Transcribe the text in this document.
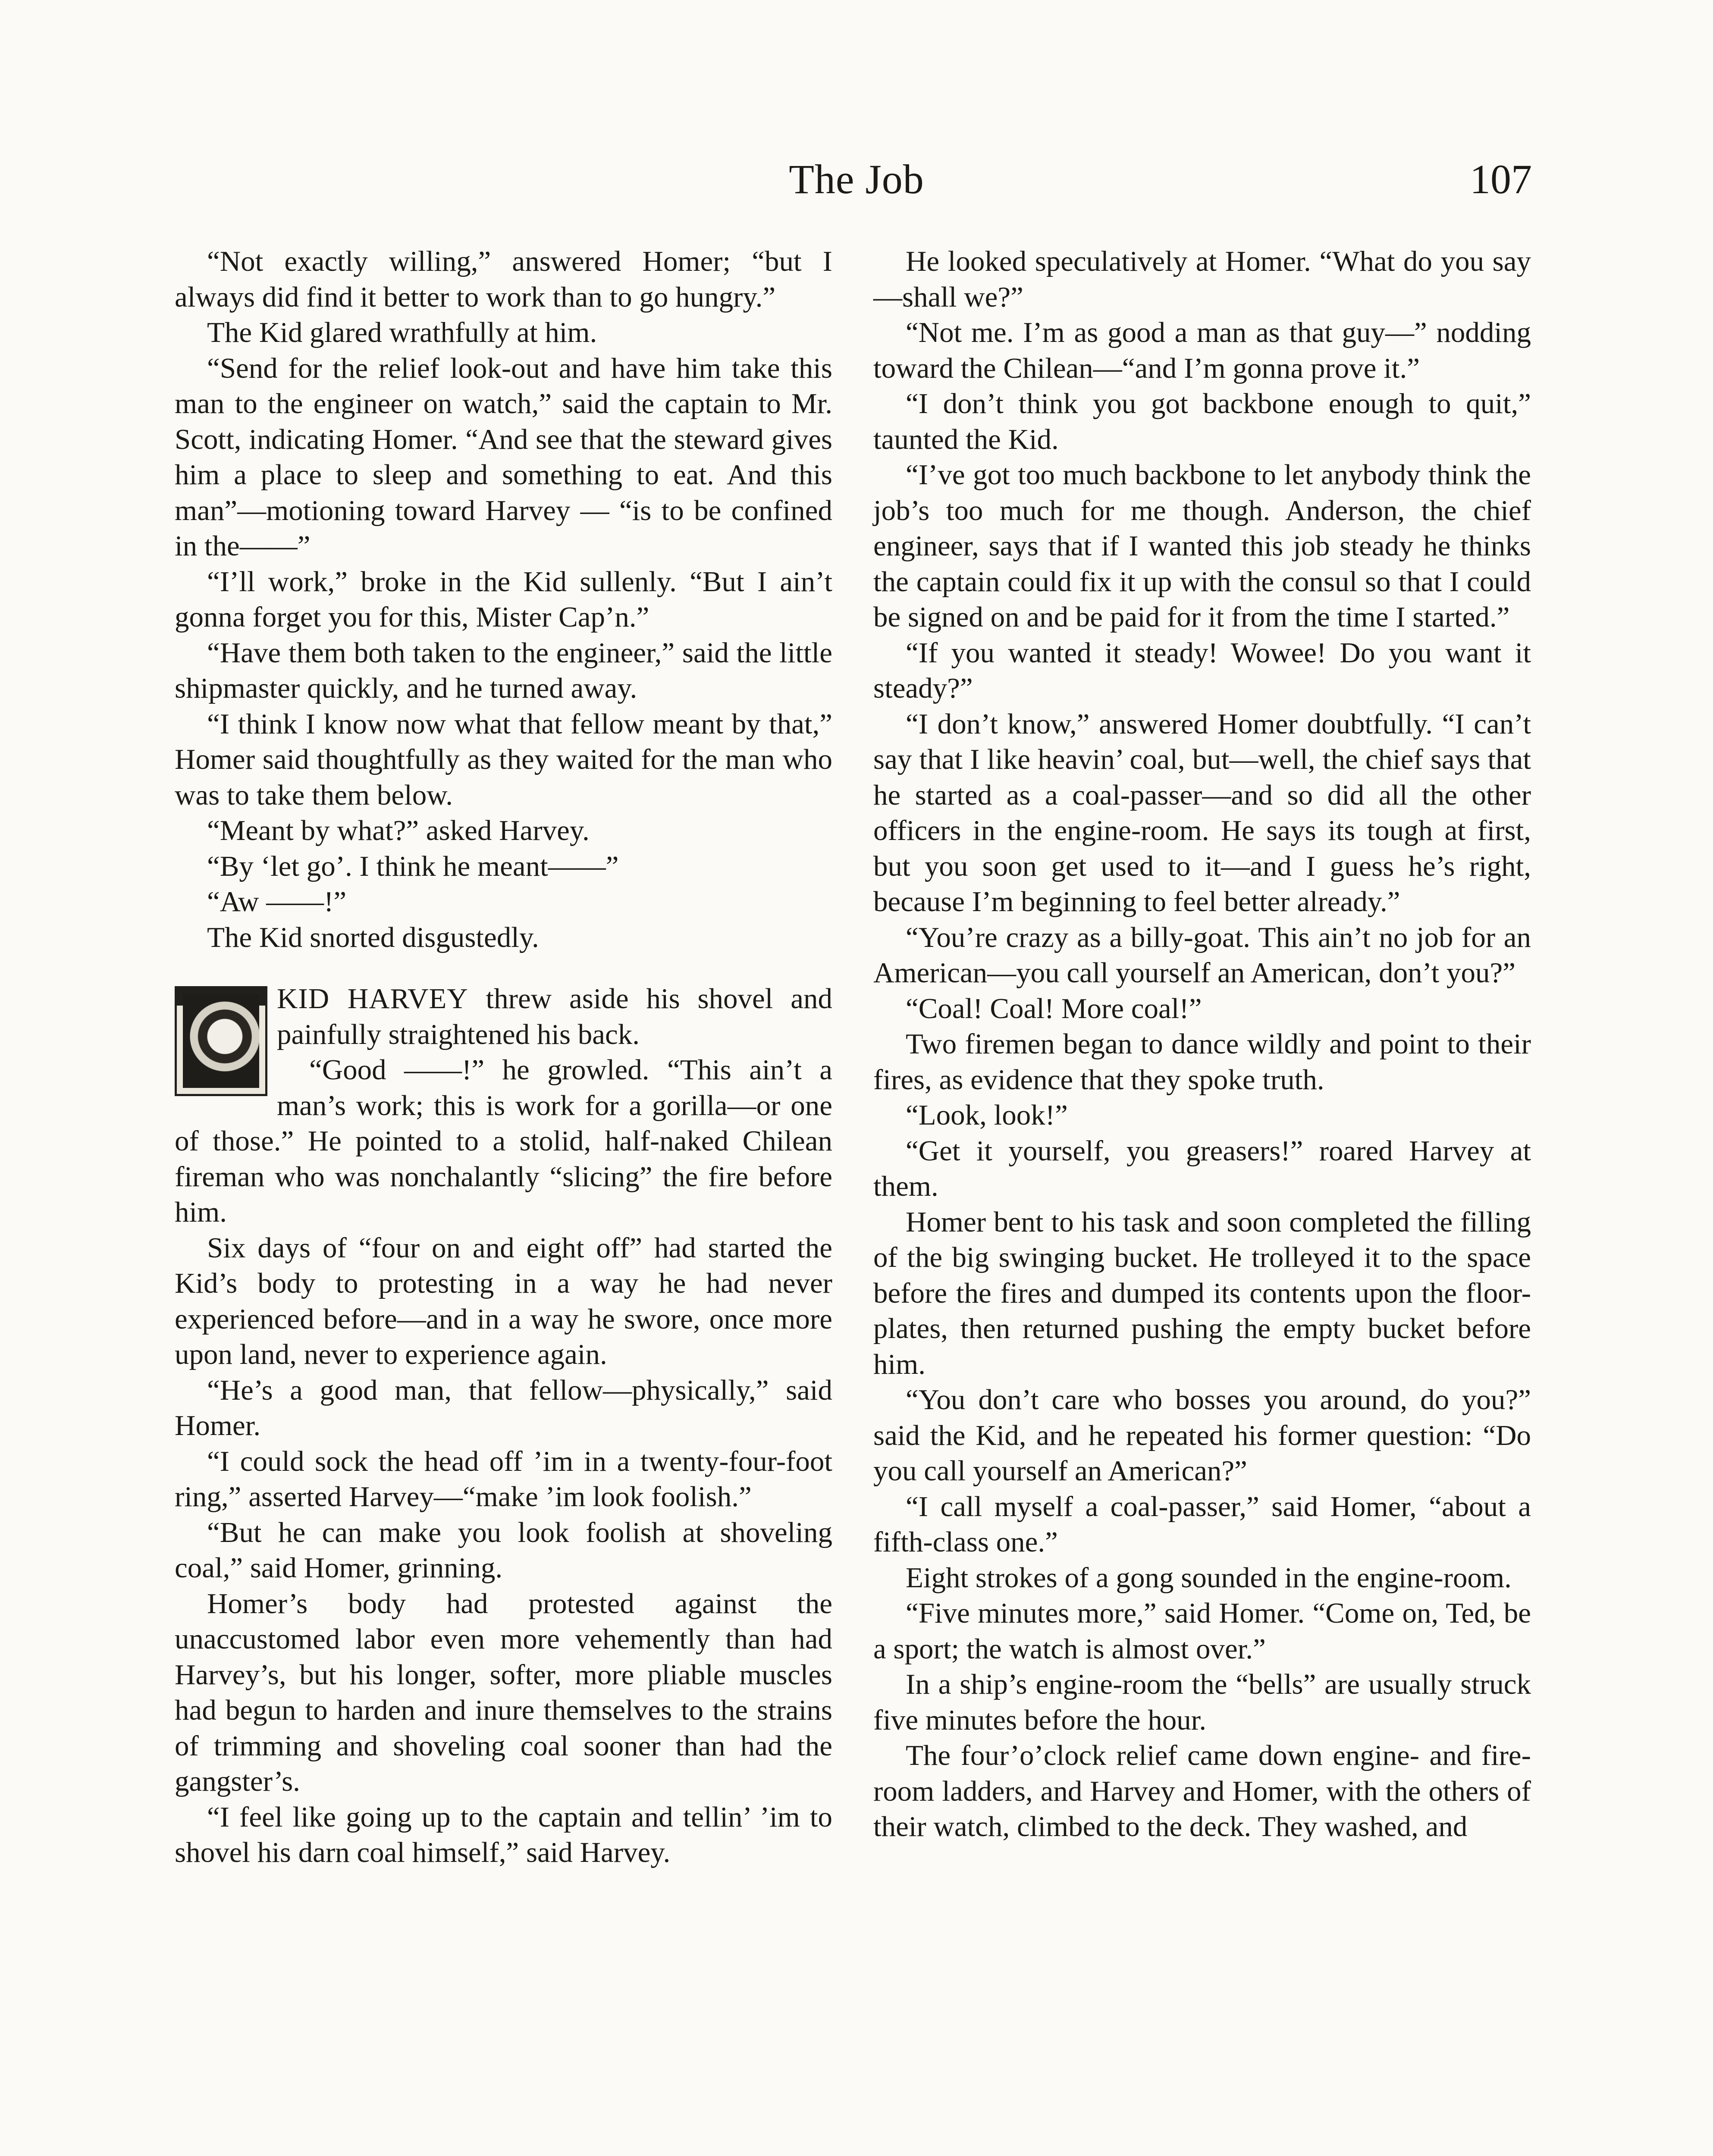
The Job	107

“Not exactly willing,” answered Homer; “but I always did find it better to work than to go hungry.”

The Kid glared wrathfully at him.

“Send for the relief look-out and have him take this man to the engineer on watch,” said the captain to Mr. Scott, indicating Homer. “And see that the steward gives him a place to sleep and something to eat. And this man”—motioning toward Harvey — “is to be confined in the——”

“I’ll work,” broke in the Kid sullenly. “But I ain’t gonna forget you for this, Mister Cap’n.”

“Have them both taken to the engineer,” said the little shipmaster quickly, and he turned away.

“I think I know now what that fellow meant by that,” Homer said thoughtfully as they waited for the man who was to take them below.

“Meant by what?” asked Harvey.

“By ‘let go’. I think he meant——”

“Aw ——!”

The Kid snorted disgustedly.

KID HARVEY threw aside his shovel and painfully straightened his back.

“Good ——!” he growled. “This ain’t a man’s work; this is work for a gorilla—or one of those.” He pointed to a stolid, half-naked Chilean fireman who was nonchalantly “slicing” the fire before him.

Six days of “four on and eight off” had started the Kid’s body to protesting in a way he had never experienced before—and in a way he swore, once more upon land, never to experience again.

“He’s a good man, that fellow—physically,” said Homer.

“I could sock the head off ’im in a twenty-four-foot ring,” asserted Harvey—“make ’im look foolish.”

“But he can make you look foolish at shoveling coal,” said Homer, grinning.

Homer’s body had protested against the unaccustomed labor even more vehemently than had Harvey’s, but his longer, softer, more pliable muscles had begun to harden and inure themselves to the strains of trimming and shoveling coal sooner than had the gangster’s.

“I feel like going up to the captain and tellin’ ’im to shovel his darn coal himself,” said Harvey.

He looked speculatively at Homer. “What do you say—shall we?”

“Not me. I’m as good a man as that guy—” nodding toward the Chilean—“and I’m gonna prove it.”

“I don’t think you got backbone enough to quit,” taunted the Kid.

“I’ve got too much backbone to let anybody think the job’s too much for me though. Anderson, the chief engineer, says that if I wanted this job steady he thinks the captain could fix it up with the consul so that I could be signed on and be paid for it from the time I started.”

“If you wanted it steady! Wowee! Do you want it steady?”

“I don’t know,” answered Homer doubtfully. “I can’t say that I like heavin’ coal, but—well, the chief says that he started as a coal-passer—and so did all the other officers in the engine-room. He says its tough at first, but you soon get used to it—and I guess he’s right, because I’m beginning to feel better already.”

“You’re crazy as a billy-goat. This ain’t no job for an American—you call yourself an American, don’t you?”

“Coal! Coal! More coal!”

Two firemen began to dance wildly and point to their fires, as evidence that they spoke truth.

“Look, look!”

“Get it yourself, you greasers!” roared Harvey at them.

Homer bent to his task and soon completed the filling of the big swinging bucket. He trolleyed it to the space before the fires and dumped its contents upon the floor-plates, then returned pushing the empty bucket before him.

“You don’t care who bosses you around, do you?” said the Kid, and he repeated his former question: “Do you call yourself an American?”

“I call myself a coal-passer,” said Homer, “about a fifth-class one.”

Eight strokes of a gong sounded in the engine-room.

“Five minutes more,” said Homer. “Come on, Ted, be a sport; the watch is almost over.”

In a ship’s engine-room the “bells” are usually struck five minutes before the hour.

The four’o’clock relief came down engine- and fire-room ladders, and Harvey and Homer, with the others of their watch, climbed to the deck. They washed, and
